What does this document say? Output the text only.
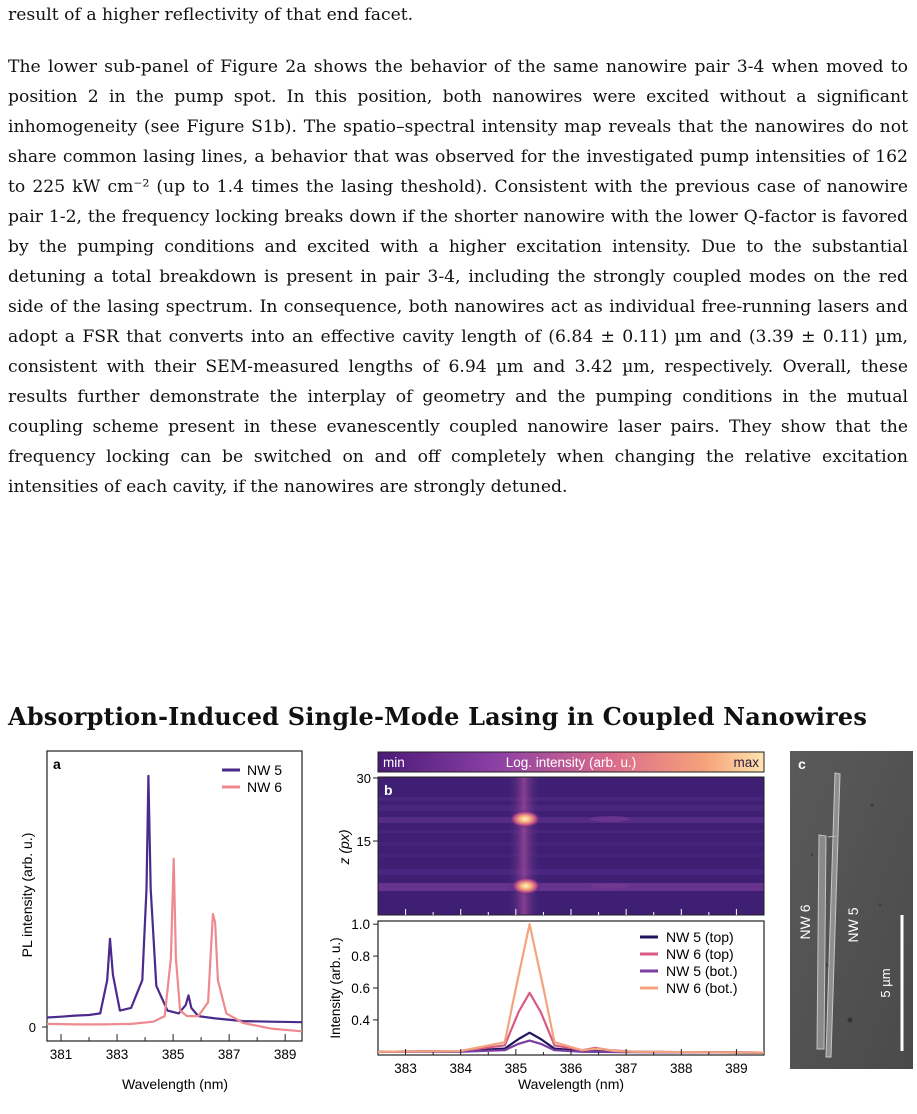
result of a higher reflectivity of that end facet.

The lower sub-panel of Figure 2a shows the behavior of the same nanowire pair 3-4 when moved to position 2 in the pump spot. In this position, both nanowires were excited without a significant inhomogeneity (see Figure S1b). The spatio–spectral intensity map reveals that the nanowires do not share common lasing lines, a behavior that was observed for the investigated pump intensities of 162 to 225 kW cm⁻² (up to 1.4 times the lasing theshold). Consistent with the previous case of nanowire pair 1-2, the frequency locking breaks down if the shorter nanowire with the lower Q-factor is favored by the pumping conditions and excited with a higher excitation intensity. Due to the substantial detuning a total breakdown is present in pair 3-4, including the strongly coupled modes on the red side of the lasing spectrum. In consequence, both nanowires act as individual free-running lasers and adopt a FSR that converts into an effective cavity length of (6.84 ± 0.11) µm and (3.39 ± 0.11) µm, consistent with their SEM-measured lengths of 6.94 µm and 3.42 µm, respectively. Overall, these results further demonstrate the interplay of geometry and the pumping conditions in the mutual coupling scheme present in these evanescently coupled nanowire laser pairs. They show that the frequency locking can be switched on and off completely when changing the relative excitation intensities of each cavity, if the nanowires are strongly detuned.

Absorption-Induced Single-Mode Lasing in Coupled Nanowires
a
381 383 385 387 389
0
Wavelength (nm)
PL intensity (arb. u.)
NW 5
NW 6
min	Log. intensity (arb. u.)	max
b
30
15
z (px)
1.0
0.8
0.6
0.4
383 384 385 386 387 388 389
Wavelength (nm)
Intensity (arb. u.)
NW 5 (top)
NW 6 (top)
NW 5 (bot.)
NW 6 (bot.)
c
NW 6 NW 5
5 µm
